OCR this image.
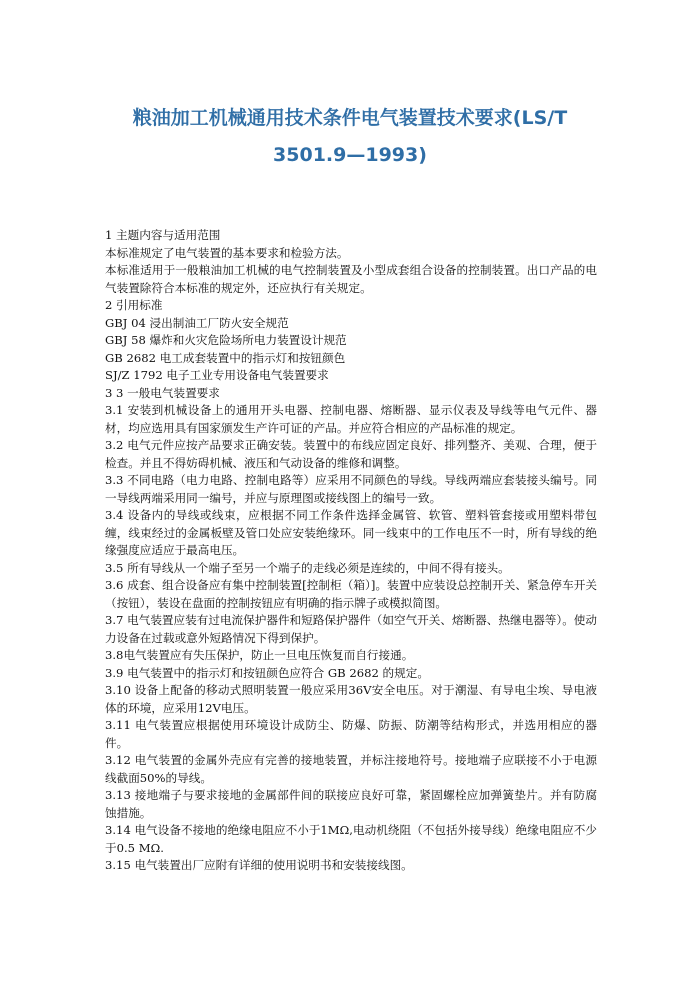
粮油加工机械通用技术条件电气装置技术要求(LS/T
3501.9—1993)

1 主题内容与适用范围

本标准规定了电气装置的基本要求和检验方法。

本标准适用于一般粮油加工机械的电气控制装置及小型成套组合设备的控制装置。出口产品的电气装置除符合本标准的规定外，还应执行有关规定。

2 引用标准

GBJ 04 浸出制油工厂防火安全规范

GBJ 58 爆炸和火灾危险场所电力装置设计规范

GB 2682 电工成套装置中的指示灯和按钮颜色

SJ/Z 1792 电子工业专用设备电气装置要求

3 3 一般电气装置要求

3.1 安装到机械设备上的通用开头电器、控制电器、熔断器、显示仪表及导线等电气元件、器材，均应选用具有国家颁发生产许可证的产品。并应符合相应的产品标准的规定。

3.2 电气元件应按产品要求正确安装。装置中的布线应固定良好、排列整齐、美观、合理，便于检查。并且不得妨碍机械、液压和气动设备的维修和调整。

3.3 不同电路（电力电路、控制电路等）应采用不同颜色的导线。导线两端应套装接头编号。同一导线两端采用同一编号，并应与原理图或接线图上的编号一致。

3.4 设备内的导线或线束，应根据不同工作条件选择金属管、软管、塑料管套接或用塑料带包缠，线束经过的金属板壁及管口处应安装绝缘环。同一线束中的工作电压不一时，所有导线的绝缘强度应适应于最高电压。

3.5 所有导线从一个端子至另一个端子的走线必须是连续的，中间不得有接头。

3.6 成套、组合设备应有集中控制装置[控制柜（箱）]。装置中应装设总控制开关、紧急停车开关（按钮），装设在盘面的控制按钮应有明确的指示牌子或模拟简图。

3.7 电气装置应装有过电流保护器件和短路保护器件（如空气开关、熔断器、热继电器等）。使动力设备在过载或意外短路情况下得到保护。

3.8电气装置应有失压保护，防止一旦电压恢复而自行接通。

3.9 电气装置中的指示灯和按钮颜色应符合 GB 2682 的规定。

3.10 设备上配备的移动式照明装置一般应采用36V安全电压。对于潮湿、有导电尘埃、导电液体的环境，应采用12V电压。

3.11 电气装置应根据使用环境设计成防尘、防爆、防振、防潮等结构形式，并选用相应的器件。

3.12 电气装置的金属外壳应有完善的接地装置，并标注接地符号。接地端子应联接不小于电源线截面50%的导线。

3.13 接地端子与要求接地的金属部件间的联接应良好可靠，紧固螺栓应加弹簧垫片。并有防腐蚀措施。

3.14 电气设备不接地的绝缘电阻应不小于1MΩ,电动机绕阻（不包括外接导线）绝缘电阻应不少于0.5 MΩ.

3.15 电气装置出厂应附有详细的使用说明书和安装接线图。
